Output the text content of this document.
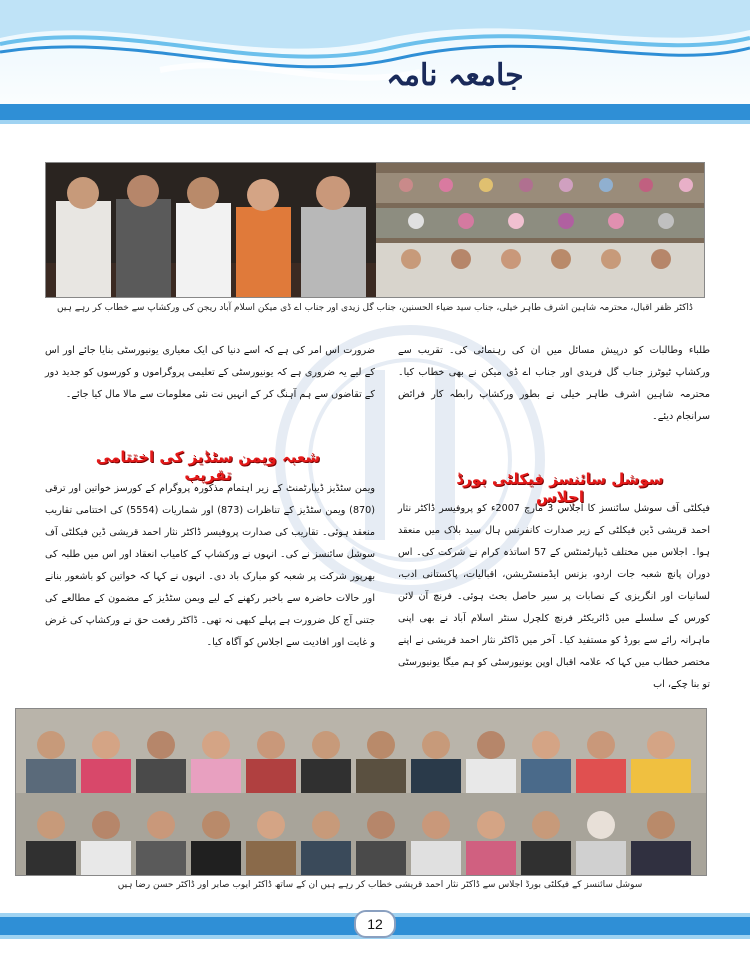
جامعہ نامہ
ڈاکٹر ظفر اقبال، محترمہ شاہین اشرف طاہر خیلی، جناب سید ضیاء الحسنین، جناب گل زیدی اور جناب اے ڈی میکن اسلام آباد ریجن کی ورکشاپ سے خطاب کر رہے ہیں
طلباء وطالبات کو درپیش مسائل میں ان کی رہنمائی کی۔ تقریب سے ورکشاپ ٹیوٹرز جناب گل فریدی اور جناب اے ڈی میکن نے بھی خطاب کیا۔ محترمہ شاہین اشرف طاہر خیلی نے بطور ورکشاپ رابطہ کار فرائض سرانجام دیئے۔
ضرورت اس امر کی ہے کہ اسے دنیا کی ایک معیاری یونیورسٹی بنایا جائے اور اس کے لیے یہ ضروری ہے کہ یونیورسٹی کے تعلیمی پروگراموں و کورسوں کو جدید دور کے تقاضوں سے ہم آہنگ کر کے انہیں نت نئی معلومات سے مالا مال کیا جائے۔
سوشل سائنسز فیکلٹی بورڈ اجلاس
شعبہ ویمن سٹڈیز کی اختتامی تقریب
فیکلٹی آف سوشل سائنسز کا اجلاس 3 مارچ 2007ء کو پروفیسر ڈاکٹر نثار احمد قریشی ڈین فیکلٹی کے زیر صدارت کانفرنس ہال سید بلاک میں منعقد ہوا۔ اجلاس میں مختلف ڈیپارٹمنٹس کے 57 اساتذہ کرام نے شرکت کی۔ اس دوران پانچ شعبہ جات اردو، بزنس ایڈمنسٹریشن، اقبالیات، پاکستانی ادب، لسانیات اور انگریزی کے نصابات پر سیر حاصل بحث ہوئی۔ فرنچ آن لائن کورس کے سلسلے میں ڈائریکٹر فرنچ کلچرل سنٹر اسلام آباد نے بھی اپنی ماہرانہ رائے سے بورڈ کو مستفید کیا۔ آخر میں ڈاکٹر نثار احمد قریشی نے اپنے مختصر خطاب میں کہا کہ علامہ اقبال اوپن یونیورسٹی کو ہم میگا یونیورسٹی تو بنا چکے، اب
ویمن سٹڈیز ڈیپارٹمنٹ کے زیر اہتمام مذکورہ پروگرام کے کورسز خواتین اور ترقی (870) ویمن سٹڈیز کے تناظرات (873) اور شماریات (5554) کی اختتامی تقاریب منعقد ہوئی۔ تقاریب کی صدارت پروفیسر ڈاکٹر نثار احمد قریشی ڈین فیکلٹی آف سوشل سائنسز نے کی۔ انہوں نے ورکشاپ کے کامیاب انعقاد اور اس میں طلبہ کی بھرپور شرکت پر شعبہ کو مبارک باد دی۔ انہوں نے کہا کہ خواتین کو باشعور بنانے اور حالات حاضرہ سے باخبر رکھنے کے لیے ویمن سٹڈیز کے مضمون کے مطالعے کی جتنی آج کل ضرورت ہے پہلے کبھی نہ تھی۔ ڈاکٹر رفعت حق نے ورکشاپ کی غرض و غایت اور افادیت سے اجلاس کو آگاہ کیا۔
سوشل سائنسز کے فیکلٹی بورڈ اجلاس سے ڈاکٹر نثار احمد قریشی خطاب کر رہے ہیں ان کے ساتھ ڈاکٹر ایوب صابر اور ڈاکٹر حسن رضا ہیں
12
